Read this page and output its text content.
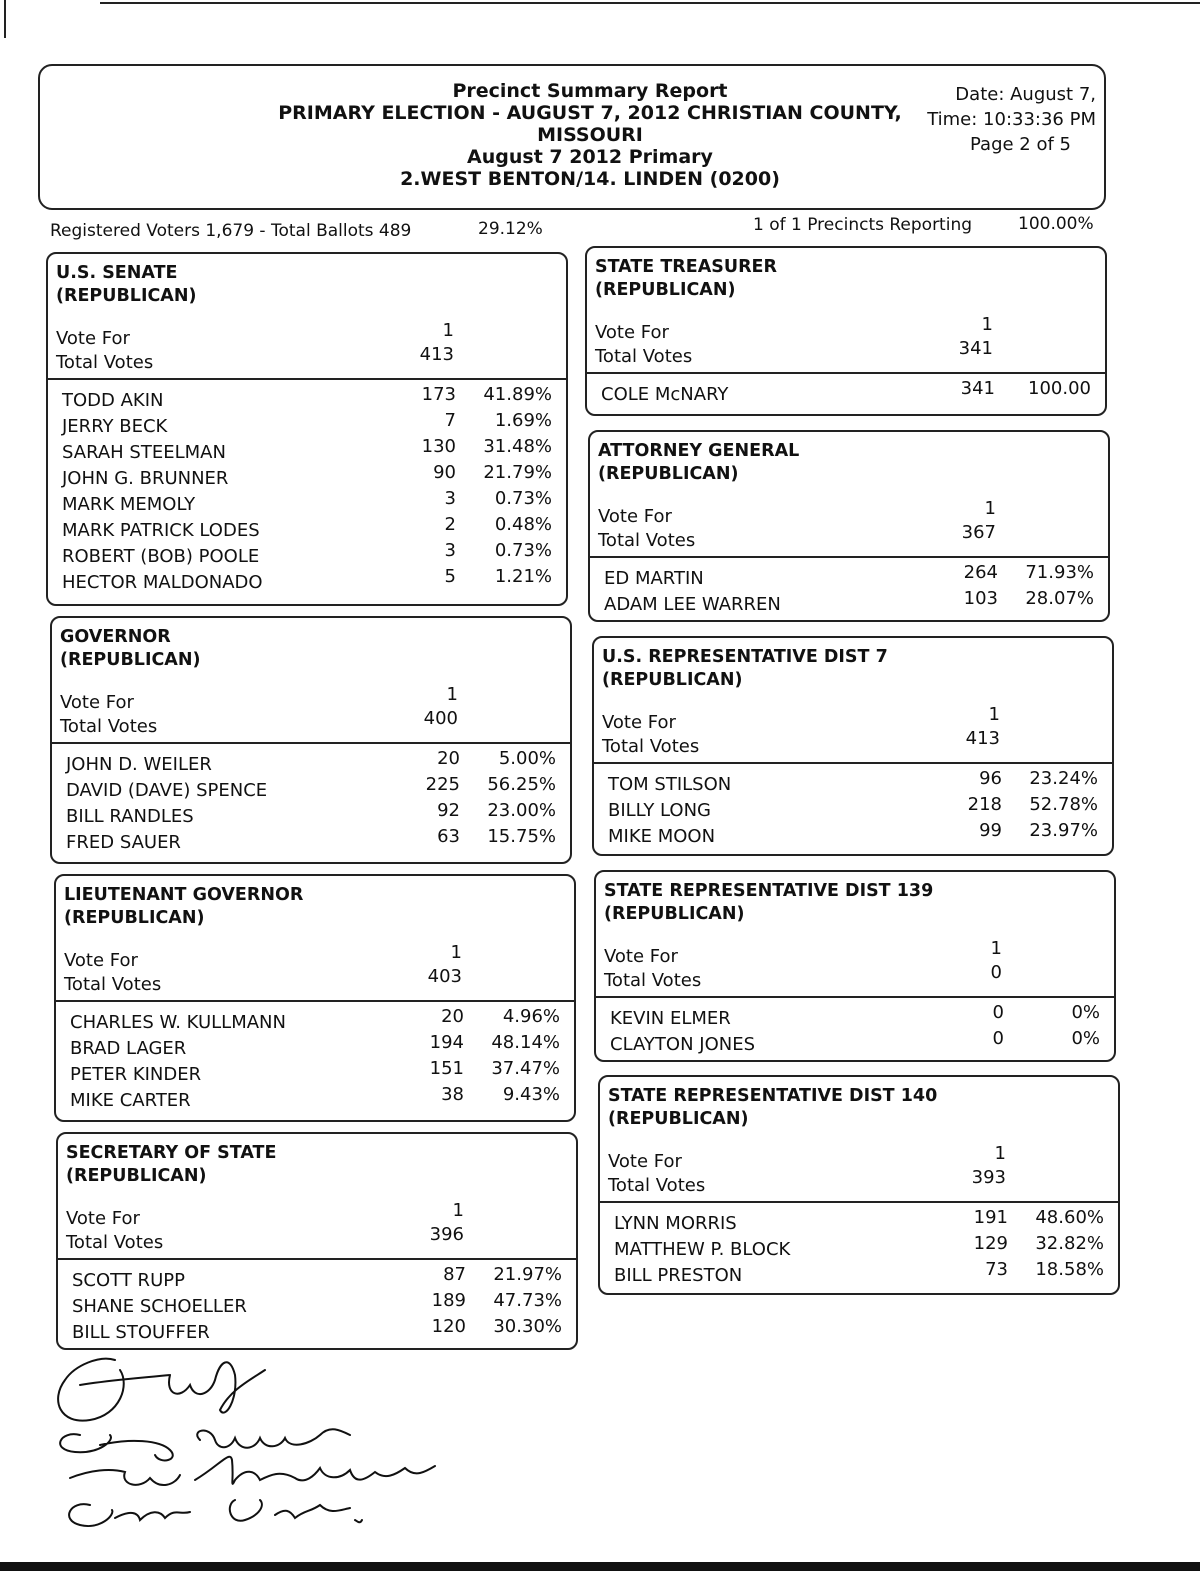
Precinct Summary Report
PRIMARY ELECTION - AUGUST 7, 2012 CHRISTIAN COUNTY,
MISSOURI
August 7 2012 Primary
2.WEST BENTON/14. LINDEN (0200)
Date: August 7,
Time: 10:33:36 PM
Page 2 of 5
Registered Voters 1,679 - Total Ballots 489	29.12%	1 of 1 Precincts Reporting	100.00%
U.S. SENATE
(REPUBLICAN)
Vote For	1
Total Votes	413
TODD AKIN	173	41.89%
JERRY BECK	7	1.69%
SARAH STEELMAN	130	31.48%
JOHN G. BRUNNER	90	21.79%
MARK MEMOLY	3	0.73%
MARK PATRICK LODES	2	0.48%
ROBERT (BOB) POOLE	3	0.73%
HECTOR MALDONADO	5	1.21%
GOVERNOR
(REPUBLICAN)
Vote For	1
Total Votes	400
JOHN D. WEILER	20	5.00%
DAVID (DAVE) SPENCE	225	56.25%
BILL RANDLES	92	23.00%
FRED SAUER	63	15.75%
LIEUTENANT GOVERNOR
(REPUBLICAN)
Vote For	1
Total Votes	403
CHARLES W. KULLMANN	20	4.96%
BRAD LAGER	194	48.14%
PETER KINDER	151	37.47%
MIKE CARTER	38	9.43%
SECRETARY OF STATE
(REPUBLICAN)
Vote For	1
Total Votes	396
SCOTT RUPP	87	21.97%
SHANE SCHOELLER	189	47.73%
BILL STOUFFER	120	30.30%
STATE TREASURER
(REPUBLICAN)
Vote For	1
Total Votes	341
COLE McNARY	341	100.00
ATTORNEY GENERAL
(REPUBLICAN)
Vote For	1
Total Votes	367
ED MARTIN	264	71.93%
ADAM LEE WARREN	103	28.07%
U.S. REPRESENTATIVE DIST 7
(REPUBLICAN)
Vote For	1
Total Votes	413
TOM STILSON	96	23.24%
BILLY LONG	218	52.78%
MIKE MOON	99	23.97%
STATE REPRESENTATIVE DIST 139
(REPUBLICAN)
Vote For	1
Total Votes	0
KEVIN ELMER	0	0%
CLAYTON JONES	0	0%
STATE REPRESENTATIVE DIST 140
(REPUBLICAN)
Vote For	1
Total Votes	393
LYNN MORRIS	191	48.60%
MATTHEW P. BLOCK	129	32.82%
BILL PRESTON	73	18.58%
